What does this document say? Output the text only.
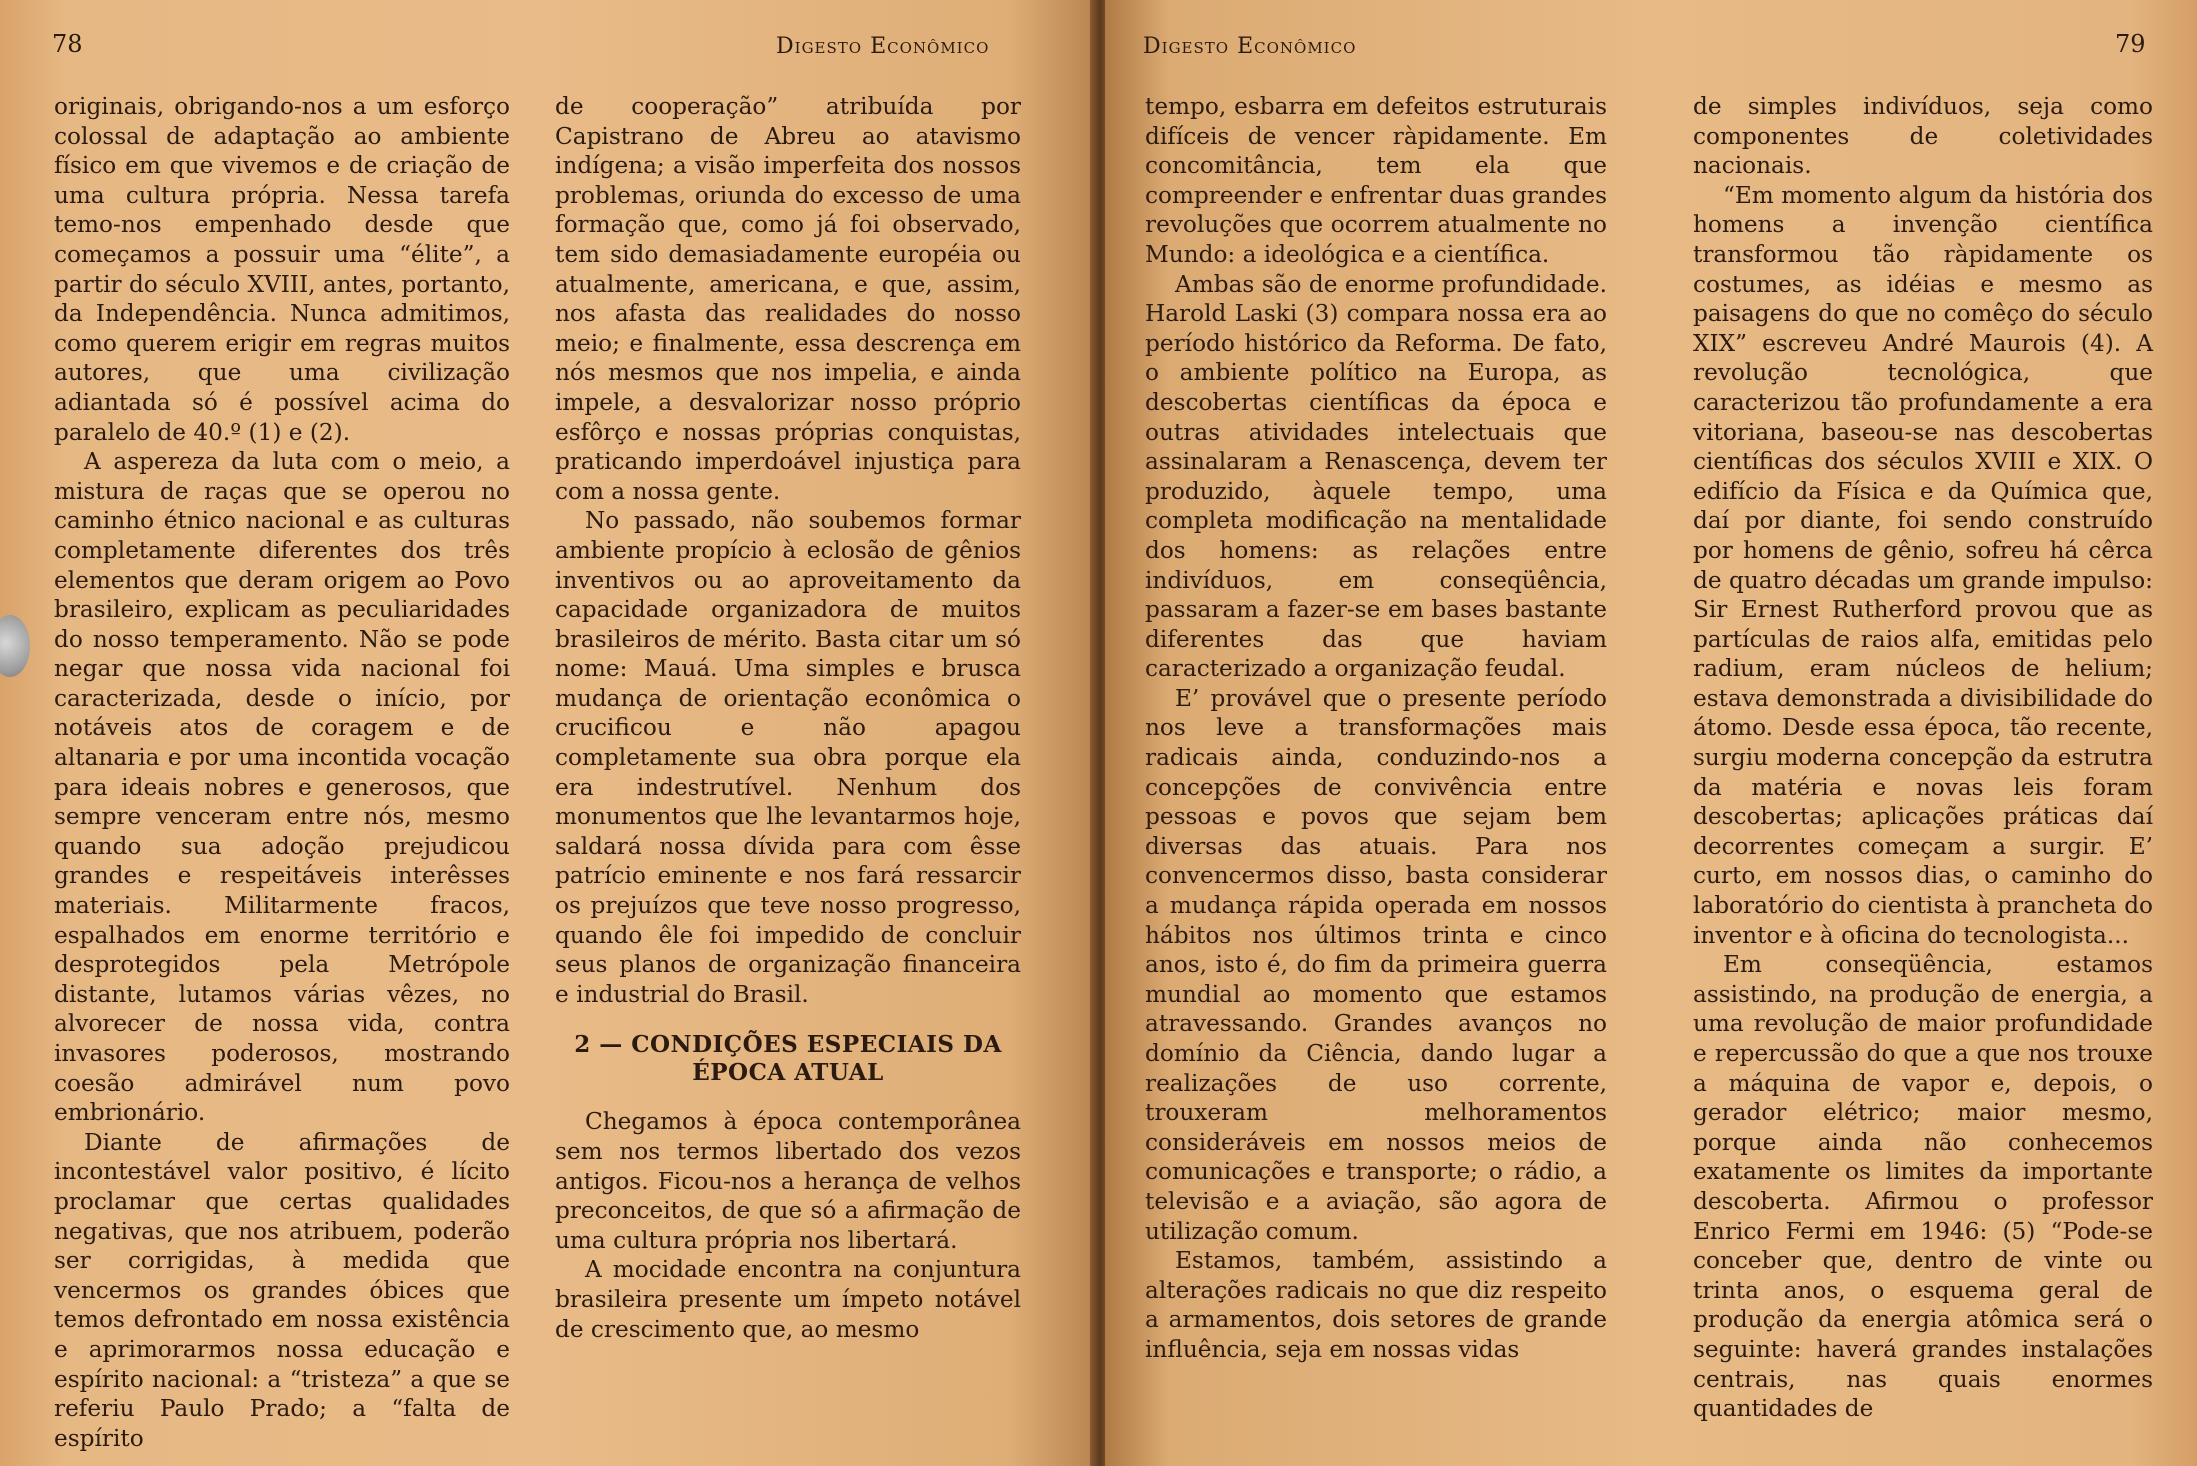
78	Digesto Econômico

originais, obrigando-nos a um esforço colossal de adaptação ao ambiente físico em que vivemos e de criação de uma cultura própria. Nessa tarefa temo-nos empenhado desde que começamos a possuir uma “élite”, a partir do século XVIII, antes, portanto, da Independência. Nunca admitimos, como querem erigir em regras muitos autores, que uma civilização adiantada só é possível acima do paralelo de 40.º (1) e (2).

A aspereza da luta com o meio, a mistura de raças que se operou no caminho étnico nacional e as culturas completamente diferentes dos três elementos que deram origem ao Povo brasileiro, explicam as peculiaridades do nosso temperamento. Não se pode negar que nossa vida nacional foi caracterizada, desde o início, por notáveis atos de coragem e de altanaria e por uma incontida vocação para ideais nobres e generosos, que sempre venceram entre nós, mesmo quando sua adoção prejudicou grandes e respeitáveis interêsses materiais. Militarmente fracos, espalhados em enorme território e desprotegidos pela Metrópole distante, lutamos várias vêzes, no alvorecer de nossa vida, contra invasores poderosos, mostrando coesão admirável num povo embrionário.

Diante de afirmações de incontestável valor positivo, é lícito proclamar que certas qualidades negativas, que nos atribuem, poderão ser corrigidas, à medida que vencermos os grandes óbices que temos defrontado em nossa existência e aprimorarmos nossa educação e espírito nacional: a “tristeza” a que se referiu Paulo Prado; a “falta de espírito

de cooperação” atribuída por Capistrano de Abreu ao atavismo indígena; a visão imperfeita dos nossos problemas, oriunda do excesso de uma formação que, como já foi observado, tem sido demasiadamente européia ou atualmente, americana, e que, assim, nos afasta das realidades do nosso meio; e finalmente, essa descrença em nós mesmos que nos impelia, e ainda impele, a desvalorizar nosso próprio esfôrço e nossas próprias conquistas, praticando imperdoável injustiça para com a nossa gente.

No passado, não soubemos formar ambiente propício à eclosão de gênios inventivos ou ao aproveitamento da capacidade organizadora de muitos brasileiros de mérito. Basta citar um só nome: Mauá. Uma simples e brusca mudança de orientação econômica o crucificou e não apagou completamente sua obra porque ela era indestrutível. Nenhum dos monumentos que lhe levantarmos hoje, saldará nossa dívida para com êsse patrício eminente e nos fará ressarcir os prejuízos que teve nosso progresso, quando êle foi impedido de concluir seus planos de organização financeira e industrial do Brasil.

2 — CONDIÇÕES ESPECIAIS DA
ÉPOCA ATUAL

Chegamos à época contemporânea sem nos termos libertado dos vezos antigos. Ficou-nos a herança de velhos preconceitos, de que só a afirmação de uma cultura própria nos libertará.

A mocidade encontra na conjuntura brasileira presente um ímpeto notável de crescimento que, ao mesmo

Digesto Econômico	79

tempo, esbarra em defeitos estruturais difíceis de vencer ràpidamente. Em concomitância, tem ela que compreender e enfrentar duas grandes revoluções que ocorrem atualmente no Mundo: a ideológica e a científica.

Ambas são de enorme profundidade. Harold Laski (3) compara nossa era ao período histórico da Reforma. De fato, o ambiente político na Europa, as descobertas científicas da época e outras atividades intelectuais que assinalaram a Renascença, devem ter produzido, àquele tempo, uma completa modificação na mentalidade dos homens: as relações entre indivíduos, em conseqüência, passaram a fazer-se em bases bastante diferentes das que haviam caracterizado a organização feudal.

E’ provável que o presente período nos leve a transformações mais radicais ainda, conduzindo-nos a concepções de convivência entre pessoas e povos que sejam bem diversas das atuais. Para nos convencermos disso, basta considerar a mudança rápida operada em nossos hábitos nos últimos trinta e cinco anos, isto é, do fim da primeira guerra mundial ao momento que estamos atravessando. Grandes avanços no domínio da Ciência, dando lugar a realizações de uso corrente, trouxeram melhoramentos consideráveis em nossos meios de comunicações e transporte; o rádio, a televisão e a aviação, são agora de utilização comum.

Estamos, também, assistindo a alterações radicais no que diz respeito a armamentos, dois setores de grande influência, seja em nossas vidas

de simples indivíduos, seja como componentes de coletividades nacionais.

“Em momento algum da história dos homens a invenção científica transformou tão ràpidamente os costumes, as idéias e mesmo as paisagens do que no comêço do século XIX” escreveu André Maurois (4). A revolução tecnológica, que caracterizou tão profundamente a era vitoriana, baseou-se nas descobertas científicas dos séculos XVIII e XIX. O edifício da Física e da Química que, daí por diante, foi sendo construído por homens de gênio, sofreu há cêrca de quatro décadas um grande impulso: Sir Ernest Rutherford provou que as partículas de raios alfa, emitidas pelo radium, eram núcleos de helium; estava demonstrada a divisibilidade do átomo. Desde essa época, tão recente, surgiu moderna concepção da estrutra da matéria e novas leis foram descobertas; aplicações práticas daí decorrentes começam a surgir. E’ curto, em nossos dias, o caminho do laboratório do cientista à prancheta do inventor e à oficina do tecnologista...

Em conseqüência, estamos assistindo, na produção de energia, a uma revolução de maior profundidade e repercussão do que a que nos trouxe a máquina de vapor e, depois, o gerador elétrico; maior mesmo, porque ainda não conhecemos exatamente os limites da importante descoberta. Afirmou o professor Enrico Fermi em 1946: (5) “Pode-se conceber que, dentro de vinte ou trinta anos, o esquema geral de produção da energia atômica será o seguinte: haverá grandes instalações centrais, nas quais enormes quantidades de
